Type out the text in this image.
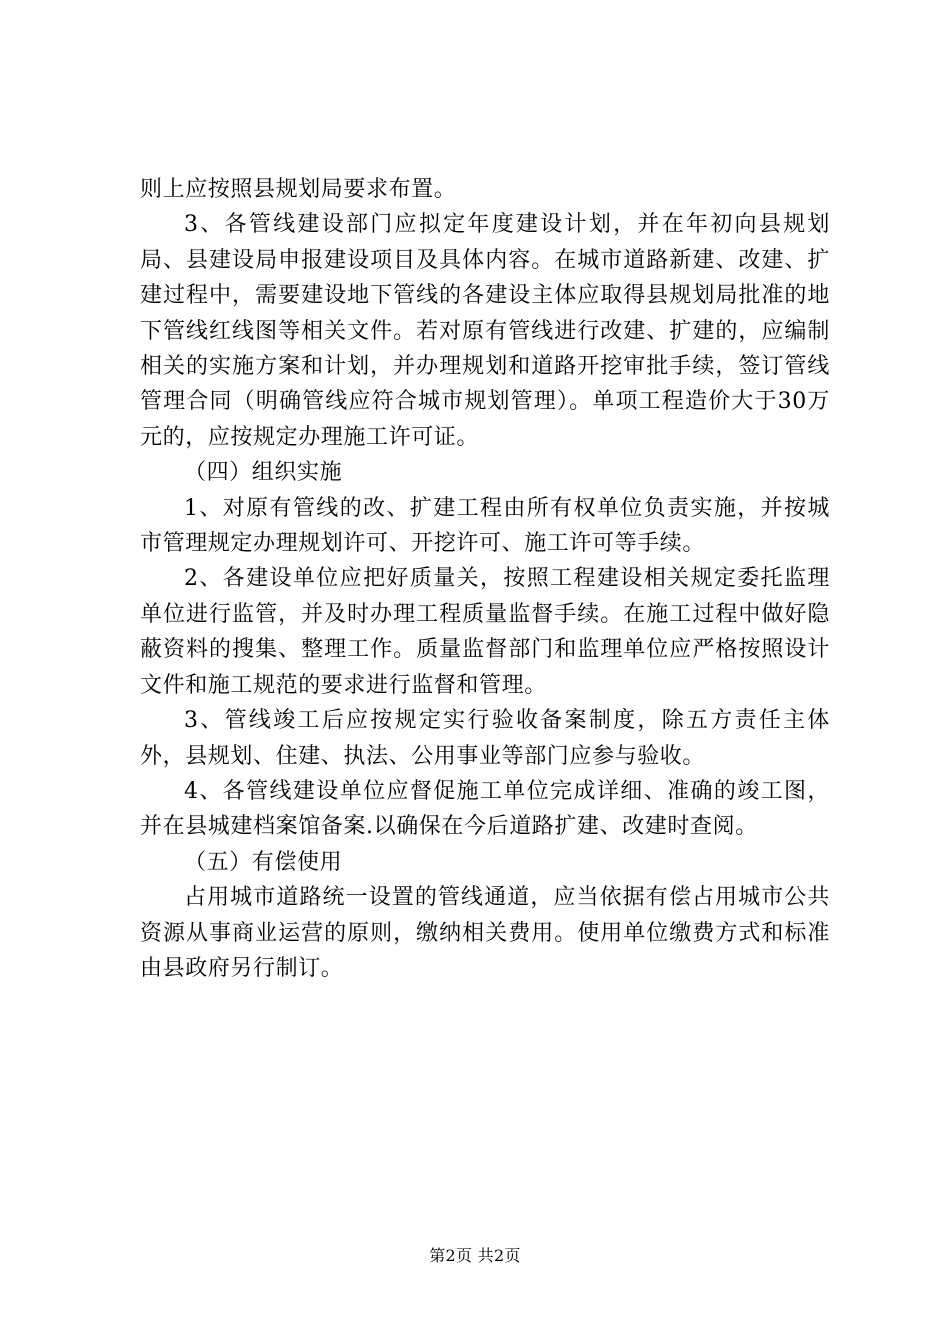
则上应按照县规划局要求布置。

3、各管线建设部门应拟定年度建设计划，并在年初向县规划局、县建设局申报建设项目及具体内容。在城市道路新建、改建、扩建过程中，需要建设地下管线的各建设主体应取得县规划局批准的地下管线红线图等相关文件。若对原有管线进行改建、扩建的，应编制相关的实施方案和计划，并办理规划和道路开挖审批手续，签订管线管理合同（明确管线应符合城市规划管理）。单项工程造价大于30万元的，应按规定办理施工许可证。

（四）组织实施

1、对原有管线的改、扩建工程由所有权单位负责实施，并按城市管理规定办理规划许可、开挖许可、施工许可等手续。

2、各建设单位应把好质量关，按照工程建设相关规定委托监理单位进行监管，并及时办理工程质量监督手续。在施工过程中做好隐蔽资料的搜集、整理工作。质量监督部门和监理单位应严格按照设计文件和施工规范的要求进行监督和管理。

3、管线竣工后应按规定实行验收备案制度，除五方责任主体外，县规划、住建、执法、公用事业等部门应参与验收。

4、各管线建设单位应督促施工单位完成详细、准确的竣工图，并在县城建档案馆备案.以确保在今后道路扩建、改建时查阅。

（五）有偿使用

占用城市道路统一设置的管线通道，应当依据有偿占用城市公共资源从事商业运营的原则，缴纳相关费用。使用单位缴费方式和标准由县政府另行制订。

第2页 共2页
